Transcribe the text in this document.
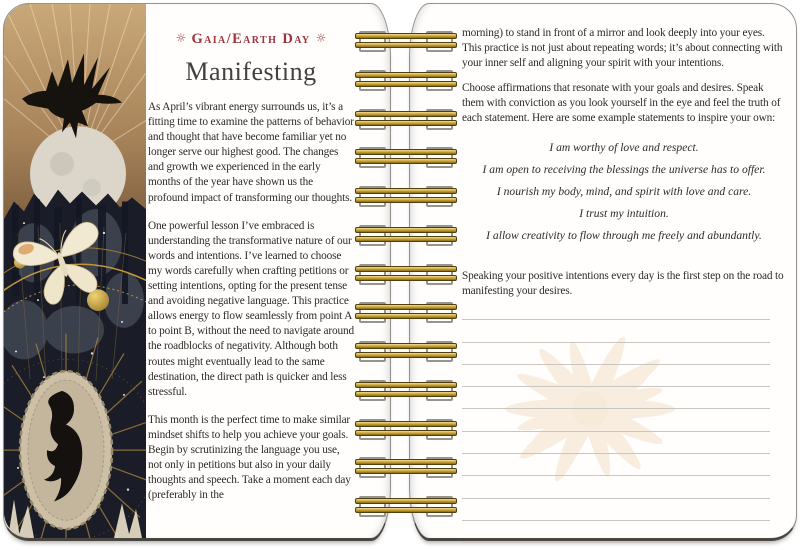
☼ Gaia/Earth Day ☼
Manifesting

As April’s vibrant energy surrounds us, it’s a fitting time to examine the patterns of behavior and thought that have become familiar yet no longer serve our highest good. The changes and growth we experienced in the early months of the year have shown us the profound impact of transforming our thoughts.

One powerful lesson I’ve embraced is understanding the transformative nature of our words and intentions. I’ve learned to choose my words carefully when crafting petitions or setting intentions, opting for the present tense and avoiding negative language. This practice allows energy to flow seamlessly from point A to point B, without the need to navigate around the roadblocks of negativity. Although both routes might eventually lead to the same destination, the direct path is quicker and less stressful.

This month is the perfect time to make similar mindset shifts to help you achieve your goals. Begin by scrutinizing the language you use, not only in petitions but also in your daily thoughts and speech. Take a moment each day (preferably in the

morning) to stand in front of a mirror and look deeply into your eyes. This practice is not just about repeating words; it’s about connecting with your inner self and aligning your spirit with your intentions.

Choose affirmations that resonate with your goals and desires. Speak them with conviction as you look yourself in the eye and feel the truth of each statement. Here are some example statements to inspire your own:

I am worthy of love and respect.
I am open to receiving the blessings the universe has to offer.
I nourish my body, mind, and spirit with love and care.
I trust my intuition.
I allow creativity to flow through me freely and abundantly.

Speaking your positive intentions every day is the first step on the road to manifesting your desires.
